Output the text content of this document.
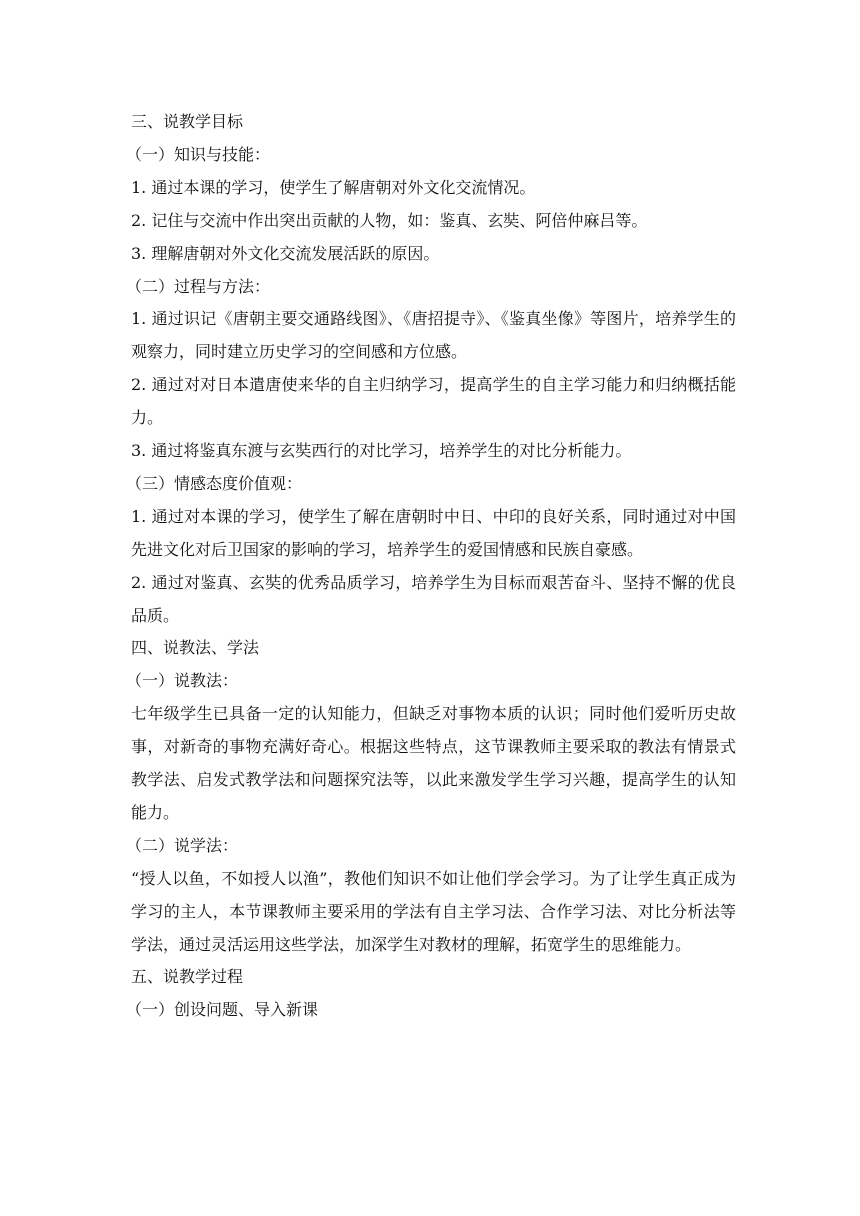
三、说教学目标
（一）知识与技能：
1. 通过本课的学习，使学生了解唐朝对外文化交流情况。
2. 记住与交流中作出突出贡献的人物，如：鉴真、玄奘、阿倍仲麻吕等。
3. 理解唐朝对外文化交流发展活跃的原因。
（二）过程与方法：
1. 通过识记《唐朝主要交通路线图》、《唐招提寺》、《鉴真坐像》等图片，培养学生的观察力，同时建立历史学习的空间感和方位感。
2. 通过对对日本遣唐使来华的自主归纳学习，提高学生的自主学习能力和归纳概括能力。
3. 通过将鉴真东渡与玄奘西行的对比学习，培养学生的对比分析能力。
（三）情感态度价值观：
1. 通过对本课的学习，使学生了解在唐朝时中日、中印的良好关系，同时通过对中国先进文化对后卫国家的影响的学习，培养学生的爱国情感和民族自豪感。
2. 通过对鉴真、玄奘的优秀品质学习，培养学生为目标而艰苦奋斗、坚持不懈的优良品质。
四、说教法、学法
（一）说教法：
七年级学生已具备一定的认知能力，但缺乏对事物本质的认识；同时他们爱听历史故事，对新奇的事物充满好奇心。根据这些特点，这节课教师主要采取的教法有情景式教学法、启发式教学法和问题探究法等，以此来激发学生学习兴趣，提高学生的认知能力。
（二）说学法：
“授人以鱼，不如授人以渔”，教他们知识不如让他们学会学习。为了让学生真正成为学习的主人，本节课教师主要采用的学法有自主学习法、合作学习法、对比分析法等学法，通过灵活运用这些学法，加深学生对教材的理解，拓宽学生的思维能力。
五、说教学过程
（一）创设问题、导入新课
